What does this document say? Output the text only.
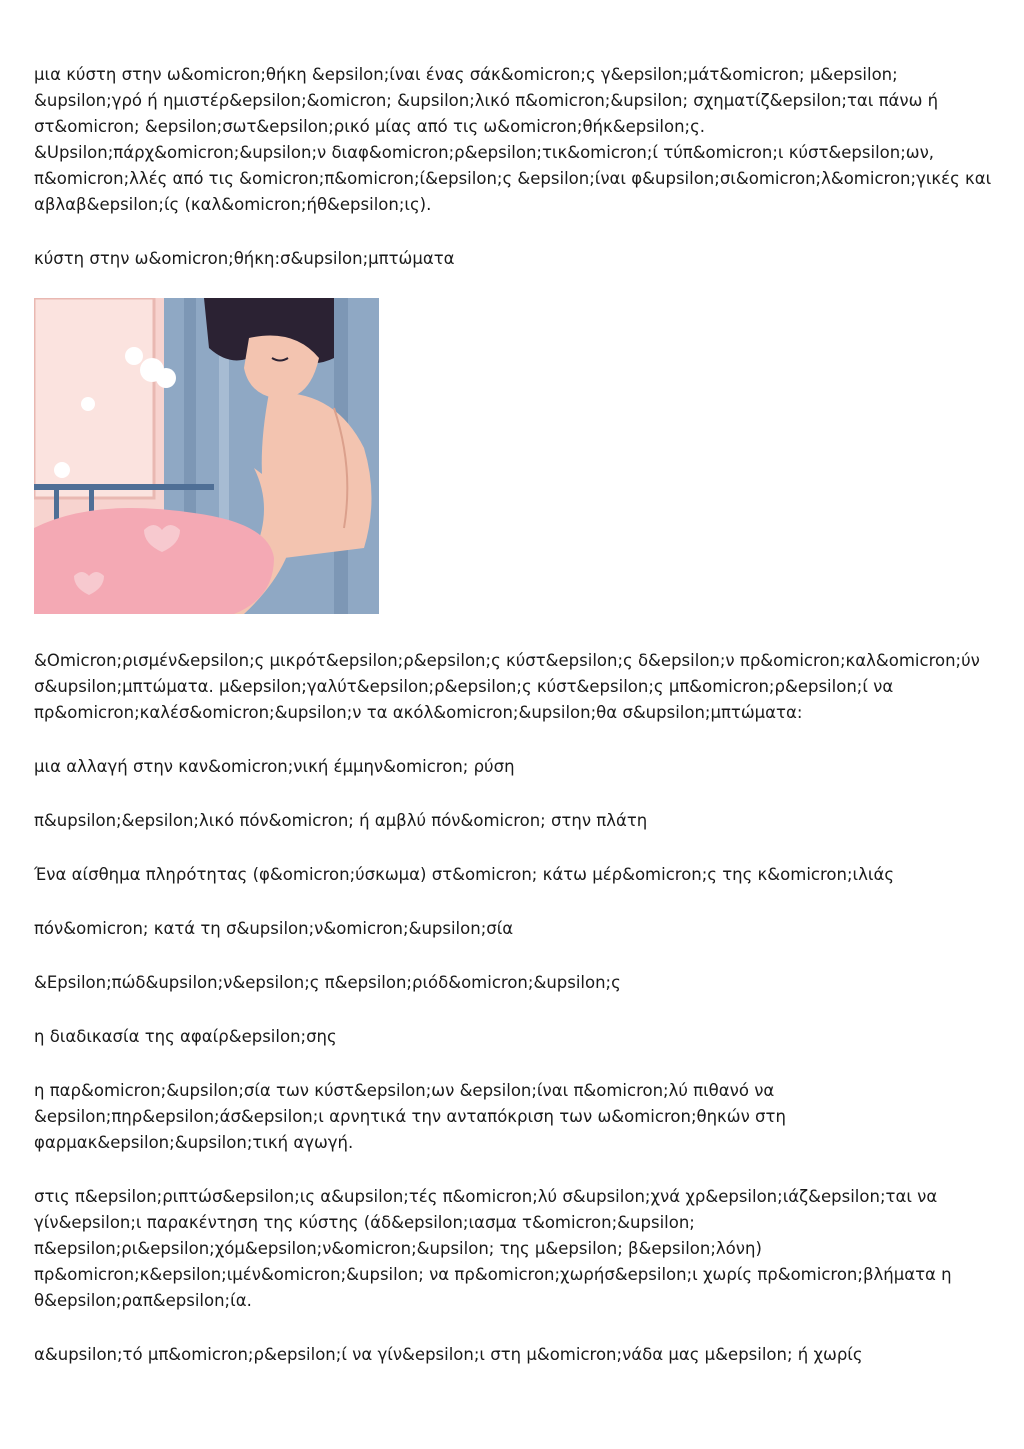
μια κύστη στην ω&omicron;θήκη &epsilon;ίναι ένας σάκ&omicron;ς γ&epsilon;μάτ&omicron; μ&epsilon; &upsilon;γρό ή ημιστέρ&epsilon;&omicron; &upsilon;λικό π&omicron;&upsilon; σχηματίζ&epsilon;ται πάνω ή στ&omicron; &epsilon;σωτ&epsilon;ρικό μίας από τις ω&omicron;θήκ&epsilon;ς. &Upsilon;πάρχ&omicron;&upsilon;ν διαφ&omicron;ρ&epsilon;τικ&omicron;ί τύπ&omicron;ι κύστ&epsilon;ων, π&omicron;λλές από τις &omicron;π&omicron;ί&epsilon;ς &epsilon;ίναι φ&upsilon;σι&omicron;λ&omicron;γικές και αβλαβ&epsilon;ίς (καλ&omicron;ήθ&epsilon;ις).

κύστη στην ω&omicron;θήκη:σ&upsilon;μπτώματα

&Omicron;ρισμέν&epsilon;ς μικρότ&epsilon;ρ&epsilon;ς κύστ&epsilon;ς δ&epsilon;ν πρ&omicron;καλ&omicron;ύν σ&upsilon;μπτώματα. μ&epsilon;γαλύτ&epsilon;ρ&epsilon;ς κύστ&epsilon;ς μπ&omicron;ρ&epsilon;ί να πρ&omicron;καλέσ&omicron;&upsilon;ν τα ακόλ&omicron;&upsilon;θα σ&upsilon;μπτώματα:

μια αλλαγή στην καν&omicron;νική έμμην&omicron; ρύση

π&upsilon;&epsilon;λικό πόν&omicron; ή αμβλύ πόν&omicron; στην πλάτη

Ένα αίσθημα πληρότητας (φ&omicron;ύσκωμα) στ&omicron; κάτω μέρ&omicron;ς της κ&omicron;ιλιάς

πόν&omicron; κατά τη σ&upsilon;ν&omicron;&upsilon;σία

&Epsilon;πώδ&upsilon;ν&epsilon;ς π&epsilon;ριόδ&omicron;&upsilon;ς

η διαδικασία της αφαίρ&epsilon;σης

η παρ&omicron;&upsilon;σία των κύστ&epsilon;ων &epsilon;ίναι π&omicron;λύ πιθανό να &epsilon;πηρ&epsilon;άσ&epsilon;ι αρνητικά την ανταπόκριση των ω&omicron;θηκών στη φαρμακ&epsilon;&upsilon;τική αγωγή.

στις π&epsilon;ριπτώσ&epsilon;ις α&upsilon;τές π&omicron;λύ σ&upsilon;χνά χρ&epsilon;ιάζ&epsilon;ται να γίν&epsilon;ι παρακέντηση της κύστης (άδ&epsilon;ιασμα τ&omicron;&upsilon; π&epsilon;ρι&epsilon;χόμ&epsilon;ν&omicron;&upsilon; της μ&epsilon; β&epsilon;λόνη) πρ&omicron;κ&epsilon;ιμέν&omicron;&upsilon; να πρ&omicron;χωρήσ&epsilon;ι χωρίς πρ&omicron;βλήματα η θ&epsilon;ραπ&epsilon;ία.

α&upsilon;τό μπ&omicron;ρ&epsilon;ί να γίν&epsilon;ι στη μ&omicron;νάδα μας μ&epsilon; ή χωρίς
